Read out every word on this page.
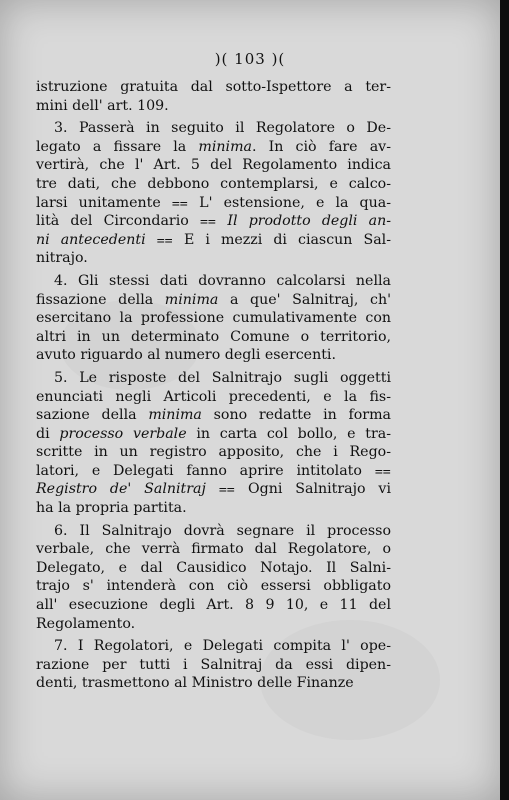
)( 103 )(
istruzione gratuita dal sotto-Ispettore a ter-
mini dell' art. 109.
3. Passerà in seguito il Regolatore o De-
legato a fissare la minima. In ciò fare av-
vertirà, che l' Art. 5 del Regolamento indica
tre dati, che debbono contemplarsi, e calco-
larsi unitamente ⩵ L' estensione, e la qua-
lità del Circondario ⩵ Il prodotto degli an-
ni antecedenti ⩵ E i mezzi di ciascun Sal-
nitrajo.
4. Gli stessi dati dovranno calcolarsi nella
fissazione della minima a que' Salnitraj, ch'
esercitano la professione cumulativamente con
altri in un determinato Comune o territorio,
avuto riguardo al numero degli esercenti.
5. Le risposte del Salnitrajo sugli oggetti
enunciati negli Articoli precedenti, e la fis-
sazione della minima sono redatte in forma
di processo verbale in carta col bollo, e tra-
scritte in un registro apposito, che i Rego-
latori, e Delegati fanno aprire intitolato ⩵
Registro de' Salnitraj ⩵ Ogni Salnitrajo vi
ha la propria partita.
6. Il Salnitrajo dovrà segnare il processo
verbale, che verrà firmato dal Regolatore, o
Delegato, e dal Causidico Notajo. Il Salni-
trajo s' intenderà con ciò essersi obbligato
all' esecuzione degli Art. 8 9 10, e 11 del
Regolamento.
7. I Regolatori, e Delegati compita l' ope-
razione per tutti i Salnitraj da essi dipen-
denti, trasmettono al Ministro delle Finanze
